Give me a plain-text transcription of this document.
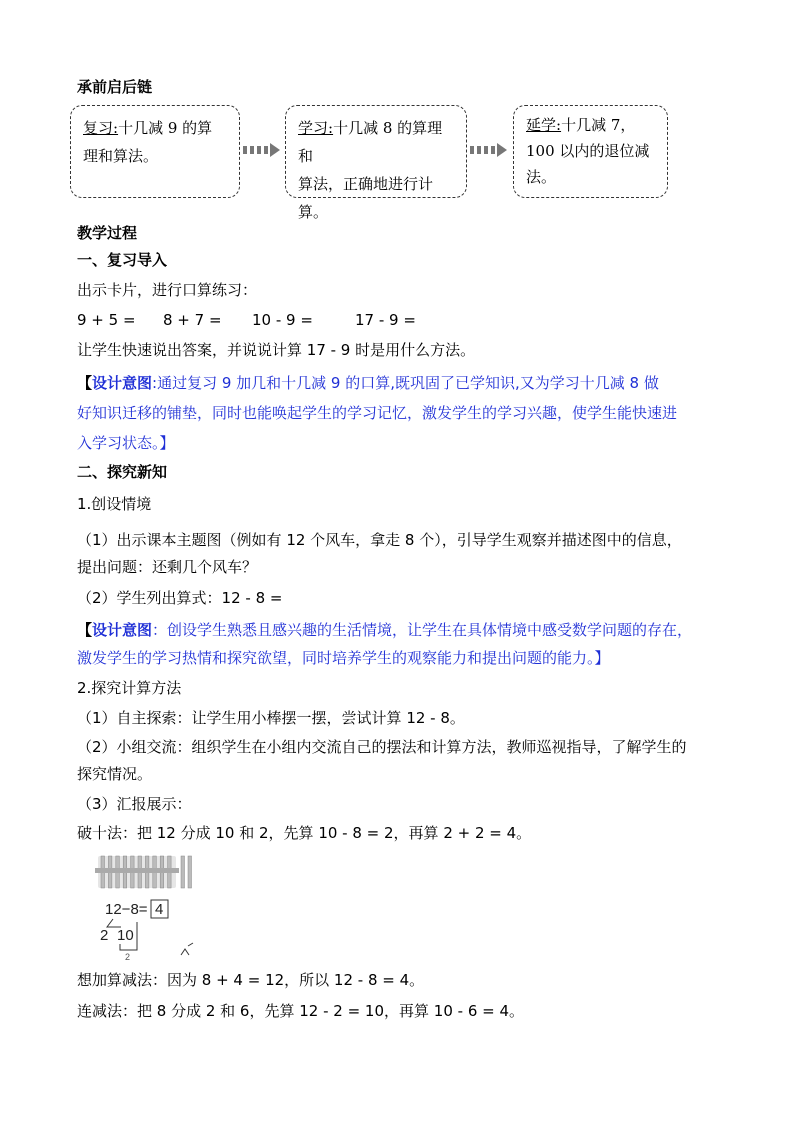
承前启后链
复习:十几减 9 的算
理和算法。
学习:十几减 8 的算理和
算法，正确地进行计算。
延学:十几减 7，
100 以内的退位减
法。
教学过程
一、复习导入
出示卡片，进行口算练习：
9 + 5 = 8 + 7 = 10 - 9 =	17 - 9 =
让学生快速说出答案，并说说计算 17 - 9 时是用什么方法。
【设计意图:通过复习 9 加几和十几减 9 的口算,既巩固了已学知识,又为学习十几减 8 做
好知识迁移的铺垫，同时也能唤起学生的学习记忆，激发学生的学习兴趣，使学生能快速进
入学习状态。】
二、探究新知
1.创设情境
（1）出示课本主题图（例如有 12 个风车，拿走 8 个），引导学生观察并描述图中的信息，
提出问题：还剩几个风车？
（2）学生列出算式：12 - 8 =
【设计意图：创设学生熟悉且感兴趣的生活情境，让学生在具体情境中感受数学问题的存在，
激发学生的学习热情和探究欲望，同时培养学生的观察能力和提出问题的能力。】
2.探究计算方法
（1）自主探索：让学生用小棒摆一摆，尝试计算 12 - 8。
（2）小组交流：组织学生在小组内交流自己的摆法和计算方法，教师巡视指导，了解学生的
探究情况。
（3）汇报展示：
破十法：把 12 分成 10 和 2，先算 10 - 8 = 2，再算 2 + 2 = 4。
12−8= 4
2 10
2
想加算减法：因为 8 + 4 = 12，所以 12 - 8 = 4。
连减法：把 8 分成 2 和 6，先算 12 - 2 = 10，再算 10 - 6 = 4。
